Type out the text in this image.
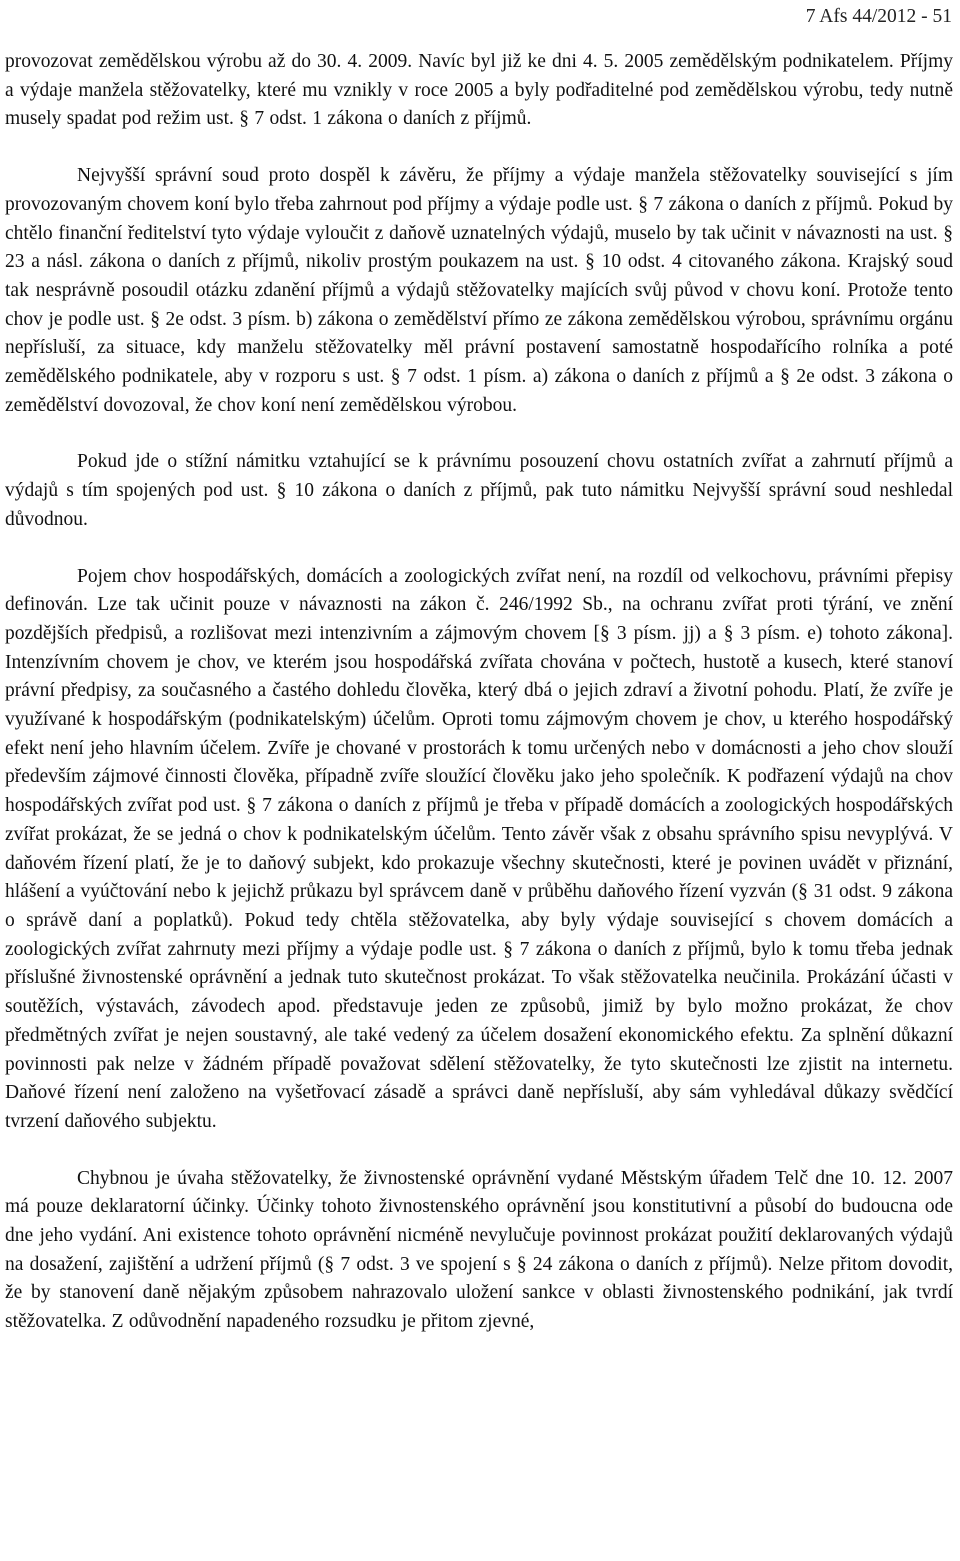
7 Afs 44/2012 - 51

provozovat zemědělskou výrobu až do 30. 4. 2009. Navíc byl již ke dni 4. 5. 2005 zemědělským podnikatelem. Příjmy a výdaje manžela stěžovatelky, které mu vznikly v roce 2005 a byly podřaditelné pod zemědělskou výrobu, tedy nutně musely spadat pod režim ust. § 7 odst. 1 zákona o daních z příjmů.

Nejvyšší správní soud proto dospěl k závěru, že příjmy a výdaje manžela stěžovatelky související s jím provozovaným chovem koní bylo třeba zahrnout pod příjmy a výdaje podle ust. § 7 zákona o daních z příjmů. Pokud by chtělo finanční ředitelství tyto výdaje vyloučit z daňově uznatelných výdajů, muselo by tak učinit v návaznosti na ust. § 23 a násl. zákona o daních z příjmů, nikoliv prostým poukazem na ust. § 10 odst. 4 citovaného zákona. Krajský soud tak nesprávně posoudil otázku zdanění příjmů a výdajů stěžovatelky majících svůj původ v chovu koní. Protože tento chov je podle ust. § 2e odst. 3 písm. b) zákona o zemědělství přímo ze zákona zemědělskou výrobou, správnímu orgánu nepřísluší, za situace, kdy manželu stěžovatelky měl právní postavení samostatně hospodařícího rolníka a poté zemědělského podnikatele, aby v rozporu s ust. § 7 odst. 1 písm. a) zákona o daních z příjmů a § 2e odst. 3 zákona o zemědělství dovozoval, že chov koní není zemědělskou výrobou.

Pokud jde o stížní námitku vztahující se k právnímu posouzení chovu ostatních zvířat a zahrnutí příjmů a výdajů s tím spojených pod ust. § 10 zákona o daních z příjmů, pak tuto námitku Nejvyšší správní soud neshledal důvodnou.

Pojem chov hospodářských, domácích a zoologických zvířat není, na rozdíl od velkochovu, právními přepisy definován. Lze tak učinit pouze v návaznosti na zákon č. 246/1992 Sb., na ochranu zvířat proti týrání, ve znění pozdějších předpisů, a rozlišovat mezi intenzivním a zájmovým chovem [§ 3 písm. jj) a § 3 písm. e) tohoto zákona]. Intenzívním chovem je chov, ve kterém jsou hospodářská zvířata chována v počtech, hustotě a kusech, které stanoví právní předpisy, za současného a častého dohledu člověka, který dbá o jejich zdraví a životní pohodu. Platí, že zvíře je využívané k hospodářským (podnikatelským) účelům. Oproti tomu zájmovým chovem je chov, u kterého hospodářský efekt není jeho hlavním účelem. Zvíře je chované v prostorách k tomu určených nebo v domácnosti a jeho chov slouží především zájmové činnosti člověka, případně zvíře sloužící člověku jako jeho společník. K podřazení výdajů na chov hospodářských zvířat pod ust. § 7 zákona o daních z příjmů je třeba v případě domácích a zoologických hospodářských zvířat prokázat, že se jedná o chov k podnikatelským účelům. Tento závěr však z obsahu správního spisu nevyplývá. V daňovém řízení platí, že je to daňový subjekt, kdo prokazuje všechny skutečnosti, které je povinen uvádět v přiznání, hlášení a vyúčtování nebo k jejichž průkazu byl správcem daně v průběhu daňového řízení vyzván (§ 31 odst. 9 zákona o správě daní a poplatků). Pokud tedy chtěla stěžovatelka, aby byly výdaje související s chovem domácích a zoologických zvířat zahrnuty mezi příjmy a výdaje podle ust. § 7 zákona o daních z příjmů, bylo k tomu třeba jednak příslušné živnostenské oprávnění a jednak tuto skutečnost prokázat. To však stěžovatelka neučinila. Prokázání účasti v soutěžích, výstavách, závodech apod. představuje jeden ze způsobů, jimiž by bylo možno prokázat, že chov předmětných zvířat je nejen soustavný, ale také vedený za účelem dosažení ekonomického efektu. Za splnění důkazní povinnosti pak nelze v žádném případě považovat sdělení stěžovatelky, že tyto skutečnosti lze zjistit na internetu. Daňové řízení není založeno na vyšetřovací zásadě a správci daně nepřísluší, aby sám vyhledával důkazy svědčící tvrzení daňového subjektu.

Chybnou je úvaha stěžovatelky, že živnostenské oprávnění vydané Městským úřadem Telč dne 10. 12. 2007 má pouze deklaratorní účinky. Účinky tohoto živnostenského oprávnění jsou konstitutivní a působí do budoucna ode dne jeho vydání. Ani existence tohoto oprávnění nicméně nevylučuje povinnost prokázat použití deklarovaných výdajů na dosažení, zajištění a udržení příjmů (§ 7 odst. 3 ve spojení s § 24 zákona o daních z příjmů). Nelze přitom dovodit, že by stanovení daně nějakým způsobem nahrazovalo uložení sankce v oblasti živnostenského podnikání, jak tvrdí stěžovatelka. Z odůvodnění napadeného rozsudku je přitom zjevné,
